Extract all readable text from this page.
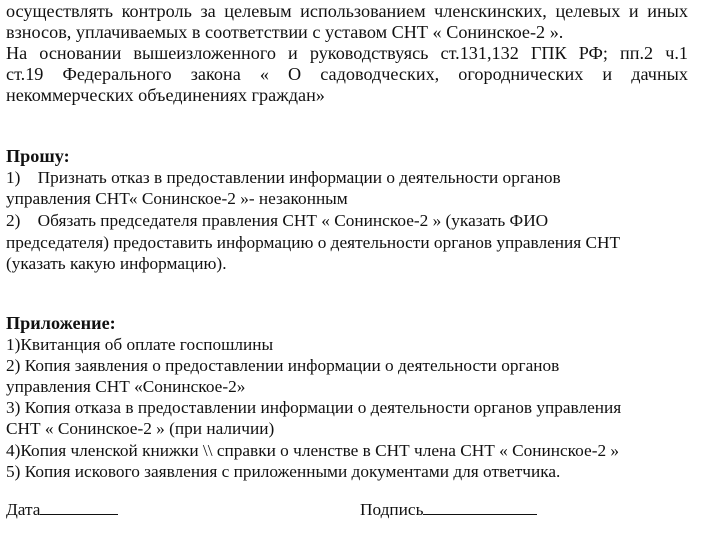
осуществлять контроль за целевым использованием членскинских, целевых и иных
взносов, уплачиваемых в соответствии с уставом СНТ « Сонинское-2 ».
На основании вышеизложенного и руководствуясь ст.131,132 ГПК РФ; пп.2 ч.1
ст.19 Федерального закона « О садоводческих, огороднических и дачных
некоммерческих объединениях граждан»
Прошу:
1)    Признать отказ в предоставлении информации о деятельности органов
управления СНТ« Сонинское-2 »- незаконным
2)    Обязать председателя правления СНТ « Сонинское-2 » (указать ФИО
председателя) предоставить информацию о деятельности органов управления СНТ
(указать какую информацию).
Приложение:
1)Квитанция об оплате госпошлины
2) Копия заявления о предоставлении информации о деятельности органов
управления СНТ «Сонинское-2»
3) Копия отказа в предоставлении информации о деятельности органов управления
СНТ « Сонинское-2 » (при наличии)
4)Копия членской книжки \\ справки о членстве в СНТ члена СНТ « Сонинское-2 »
5) Копия искового заявления с приложенными документами для ответчика.
Дата	Подпись
